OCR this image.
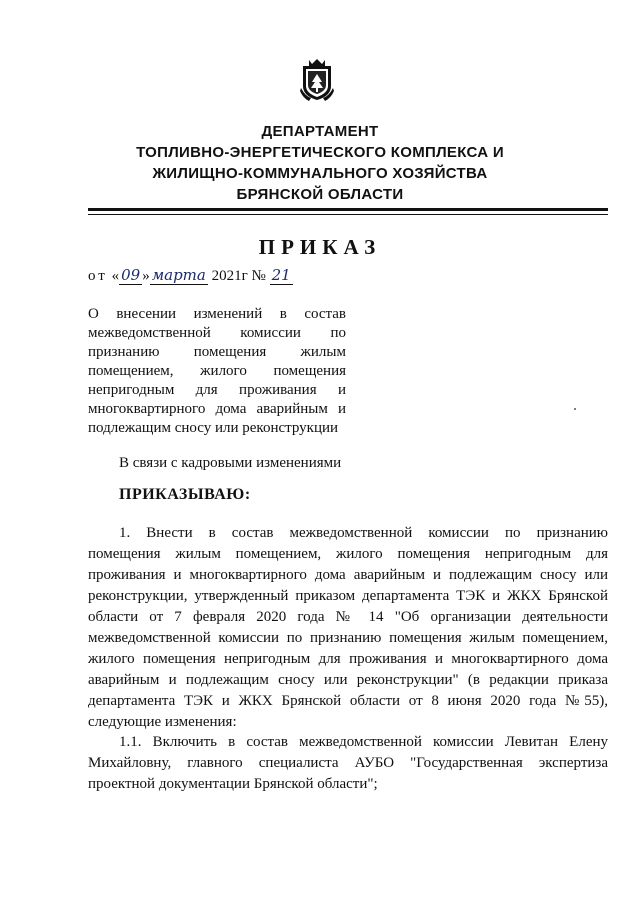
ДЕПАРТАМЕНТ
ТОПЛИВНО-ЭНЕРГЕТИЧЕСКОГО КОМПЛЕКСА И
ЖИЛИЩНО-КОММУНАЛЬНОГО ХОЗЯЙСТВА
БРЯНСКОЙ ОБЛАСТИ
ПРИКАЗ
от « 09 » марта 2021г № 21
О внесении изменений в состав
межведомственной комиссии по
признанию помещения жилым
помещением, жилого помещения
непригодным для проживания и
многоквартирного дома аварийным и
подлежащим сносу или реконструкции
В связи с кадровыми изменениями
ПРИКАЗЫВАЮ:
1. Внести в состав межведомственной комиссии по признанию
помещения жилым помещением, жилого помещения непригодным для
проживания и многоквартирного дома аварийным и подлежащим сносу или
реконструкции, утвержденный приказом департамента ТЭК и ЖКХ Брянской
области от 7 февраля 2020 года № 14 "Об организации деятельности
межведомственной комиссии по признанию помещения жилым помещением,
жилого помещения непригодным для проживания и многоквартирного дома
аварийным и подлежащим сносу или реконструкции" (в редакции приказа
департамента ТЭК и ЖКХ Брянской области от 8 июня 2020 года №55),
следующие изменения:
1.1. Включить в состав межведомственной комиссии Левитан Елену
Михайловну, главного специалиста АУБО "Государственная экспертиза
проектной документации Брянской области";
